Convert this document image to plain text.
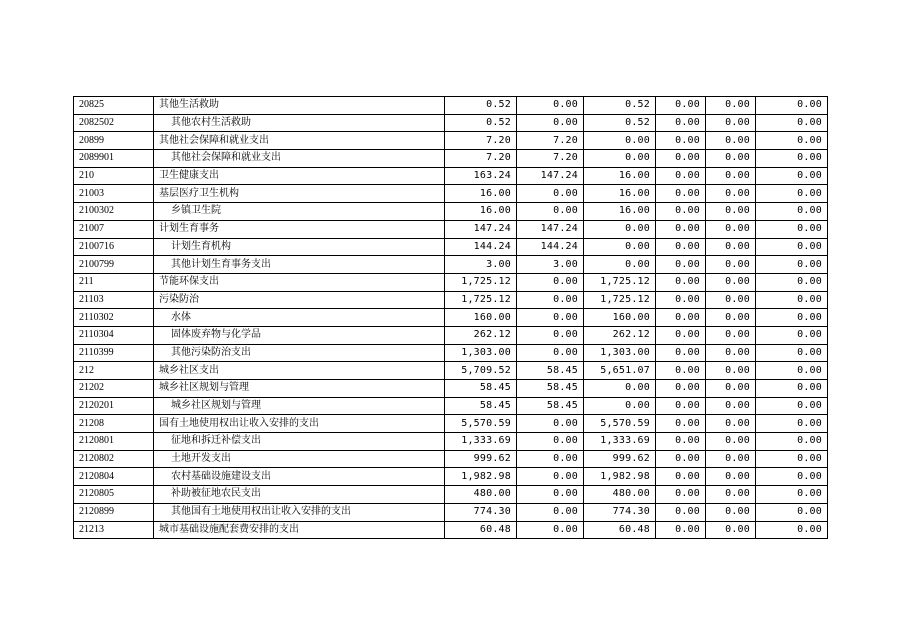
20825	其他生活救助	0.52	0.00	0.52	0.00	0.00	0.00
2082502	其他农村生活救助	0.52	0.00	0.52	0.00	0.00	0.00
20899	其他社会保障和就业支出	7.20	7.20	0.00	0.00	0.00	0.00
2089901	其他社会保障和就业支出	7.20	7.20	0.00	0.00	0.00	0.00
210	卫生健康支出	163.24	147.24	16.00	0.00	0.00	0.00
21003	基层医疗卫生机构	16.00	0.00	16.00	0.00	0.00	0.00
2100302	乡镇卫生院	16.00	0.00	16.00	0.00	0.00	0.00
21007	计划生育事务	147.24	147.24	0.00	0.00	0.00	0.00
2100716	计划生育机构	144.24	144.24	0.00	0.00	0.00	0.00
2100799	其他计划生育事务支出	3.00	3.00	0.00	0.00	0.00	0.00
211	节能环保支出	1,725.12	0.00	1,725.12	0.00	0.00	0.00
21103	污染防治	1,725.12	0.00	1,725.12	0.00	0.00	0.00
2110302	水体	160.00	0.00	160.00	0.00	0.00	0.00
2110304	固体废弃物与化学品	262.12	0.00	262.12	0.00	0.00	0.00
2110399	其他污染防治支出	1,303.00	0.00	1,303.00	0.00	0.00	0.00
212	城乡社区支出	5,709.52	58.45	5,651.07	0.00	0.00	0.00
21202	城乡社区规划与管理	58.45	58.45	0.00	0.00	0.00	0.00
2120201	城乡社区规划与管理	58.45	58.45	0.00	0.00	0.00	0.00
21208	国有土地使用权出让收入安排的支出	5,570.59	0.00	5,570.59	0.00	0.00	0.00
2120801	征地和拆迁补偿支出	1,333.69	0.00	1,333.69	0.00	0.00	0.00
2120802	土地开发支出	999.62	0.00	999.62	0.00	0.00	0.00
2120804	农村基础设施建设支出	1,982.98	0.00	1,982.98	0.00	0.00	0.00
2120805	补助被征地农民支出	480.00	0.00	480.00	0.00	0.00	0.00
2120899	其他国有土地使用权出让收入安排的支出	774.30	0.00	774.30	0.00	0.00	0.00
21213	城市基础设施配套费安排的支出	60.48	0.00	60.48	0.00	0.00	0.00
